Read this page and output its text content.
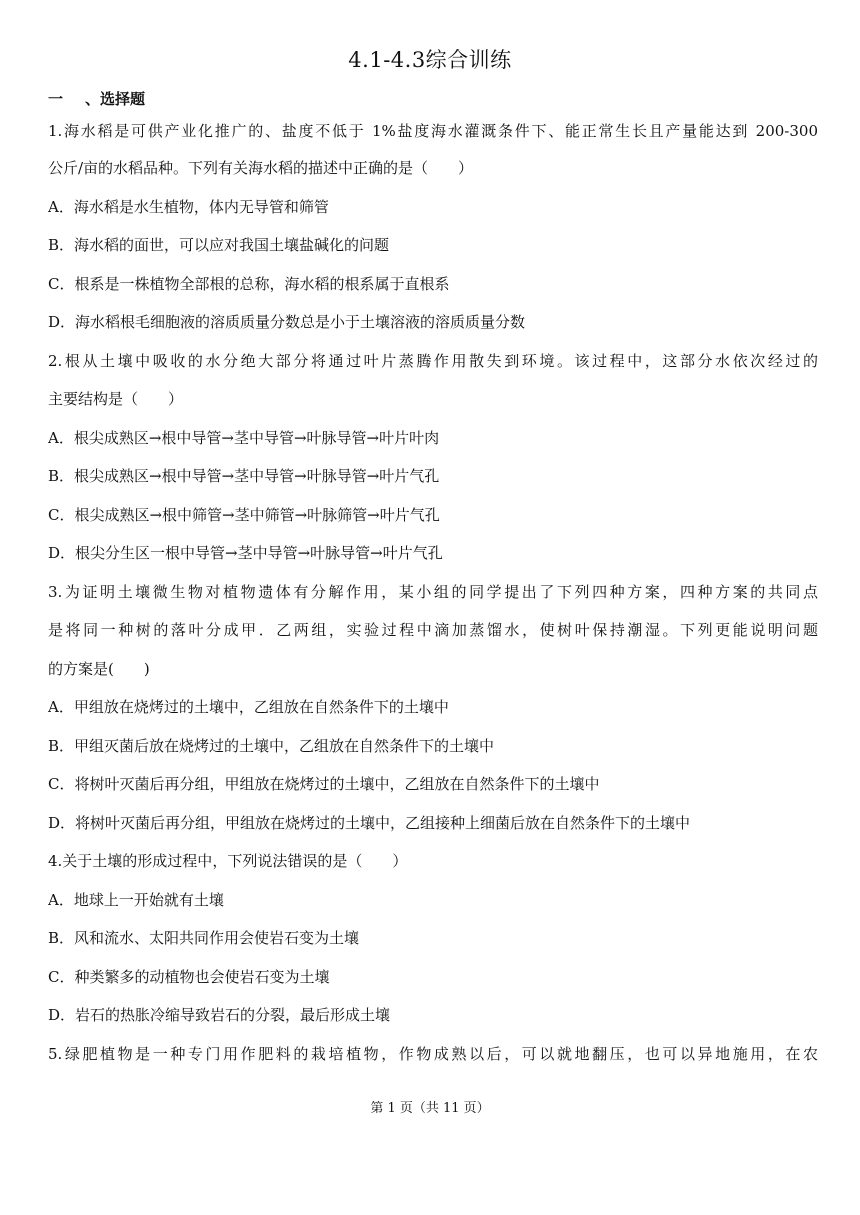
4.1-4.3综合训练
一 、选择题
1.海水稻是可供产业化推广的、盐度不低于 1%盐度海水灌溉条件下、能正常生长且产量能达到 200-300
公斤/亩的水稻品种。下列有关海水稻的描述中正确的是（　　）
A．海水稻是水生植物，体内无导管和筛管
B．海水稻的面世，可以应对我国土壤盐碱化的问题
C．根系是一株植物全部根的总称，海水稻的根系属于直根系
D．海水稻根毛细胞液的溶质质量分数总是小于土壤溶液的溶质质量分数
2.根从土壤中吸收的水分绝大部分将通过叶片蒸腾作用散失到环境。该过程中，这部分水依次经过的
主要结构是（　　）
A．根尖成熟区→根中导管→茎中导管→叶脉导管→叶片叶肉
B．根尖成熟区→根中导管→茎中导管→叶脉导管→叶片气孔
C．根尖成熟区→根中筛管→茎中筛管→叶脉筛管→叶片气孔
D．根尖分生区一根中导管→茎中导管→叶脉导管→叶片气孔
3.为证明土壤微生物对植物遗体有分解作用，某小组的同学提出了下列四种方案，四种方案的共同点
是将同一种树的落叶分成甲．乙两组，实验过程中滴加蒸馏水，使树叶保持潮湿。下列更能说明问题
的方案是(　　)
A．甲组放在烧烤过的土壤中，乙组放在自然条件下的土壤中
B．甲组灭菌后放在烧烤过的土壤中，乙组放在自然条件下的土壤中
C．将树叶灭菌后再分组，甲组放在烧烤过的土壤中，乙组放在自然条件下的土壤中
D．将树叶灭菌后再分组，甲组放在烧烤过的土壤中，乙组接种上细菌后放在自然条件下的土壤中
4.关于土壤的形成过程中，下列说法错误的是（　　）
A．地球上一开始就有土壤
B．风和流水、太阳共同作用会使岩石变为土壤
C．种类繁多的动植物也会使岩石变为土壤
D．岩石的热胀冷缩导致岩石的分裂，最后形成土壤
5.绿肥植物是一种专门用作肥料的栽培植物，作物成熟以后，可以就地翻压，也可以异地施用，在农
第 1 页（共 11 页）
